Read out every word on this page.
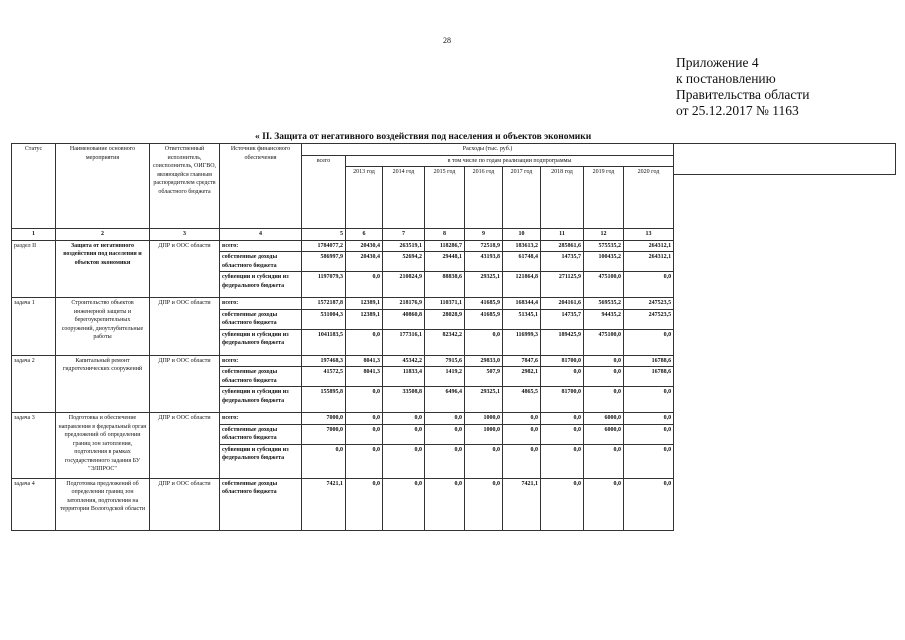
28
Приложение 4
к постановлению
Правительства области
от 25.12.2017 № 1163
« II. Защита от негативного воздействия под населения и объектов экономики
Статус	Наименование основного мероприятия	Ответственный исполнитель, соисполнитель, ОИГВО, являющейся главным распорядителем средств областного бюджета	Источник финансового обеспечения	Расходы (тыс. руб.)								
				всего	в том числе по годам реализации подпрограммы							
					2013 год	2014 год	2015 год	2016 год	2017 год	2018 год	2019 год	2020 год
1	2	3	4	5	6	7	8	9	10	11	12	13
раздел II	Защита от негативного воздействия под населения и объектов экономики	ДПР и ООС области	всего:	1784077,2	20430,4	263519,1	118286,7	72518,9	183613,2	285861,6	575535,2	264312,1
			собственные доходы областного бюджета	586997,9	20430,4	52694,2	29448,1	43193,8	61748,4	14735,7	100435,2	264312,1
			субвенции и субсидии из федерального бюджета	1197079,3	0,0	210824,9	88838,6	29325,1	121864,8	271125,9	475100,0	0,0
задача 1	Строительство объектов инженерной защиты и берегоукрепительных сооружений, диоутлубительные работы	ДПР и ООС области	всего:	1572187,8	12389,1	218176,9	110371,1	41685,9	168344,4	204161,6	569535,2	247523,5
			собственные доходы областного бюджета	531004,3	12389,1	40860,8	28028,9	41685,9	51345,1	14735,7	94435,2	247523,5
			субвенции и субсидии из федерального бюджета	1041183,5	0,0	177316,1	82342,2	0,0	116999,3	189425,9	475100,0	0,0
задача 2	Капитальный ремонт гидротехнических сооружений	ДПР и ООС области	всего:	197468,3	8041,3	45342,2	7915,6	29833,0	7847,6	81700,0	0,0	16788,6
			собственные доходы областного бюджета	41572,5	8041,3	11833,4	1419,2	507,9	2982,1	0,0	0,0	16788,6
			субвенции и субсидии из федерального бюджета	155895,8	0,0	33508,8	6496,4	29325,1	4865,5	81700,0	0,0	0,0
задача 3	Подготовка и обеспечение направления в федеральный орган предложений об определении границ зон затопления, подтопления в рамках государственного задания БУ "ЭЛПРОС"	ДПР и ООС области	всего:	7000,0	0,0	0,0	0,0	1000,0	0,0	0,0	6000,0	0,0
			собственные доходы областного бюджета	7000,0	0,0	0,0	0,0	1000,0	0,0	0,0	6000,0	0,0
			субвенции и субсидии из федерального бюджета	0,0	0,0	0,0	0,0	0,0	0,0	0,0	0,0	0,0
задача 4	Подготовка предложений об определении границ зон затопления, подтопления на территории Вологодской области	ДПР и ООС области	собственные доходы областного бюджета	7421,1	0,0	0,0	0,0	0,0	7421,1	0,0	0,0	0,0
